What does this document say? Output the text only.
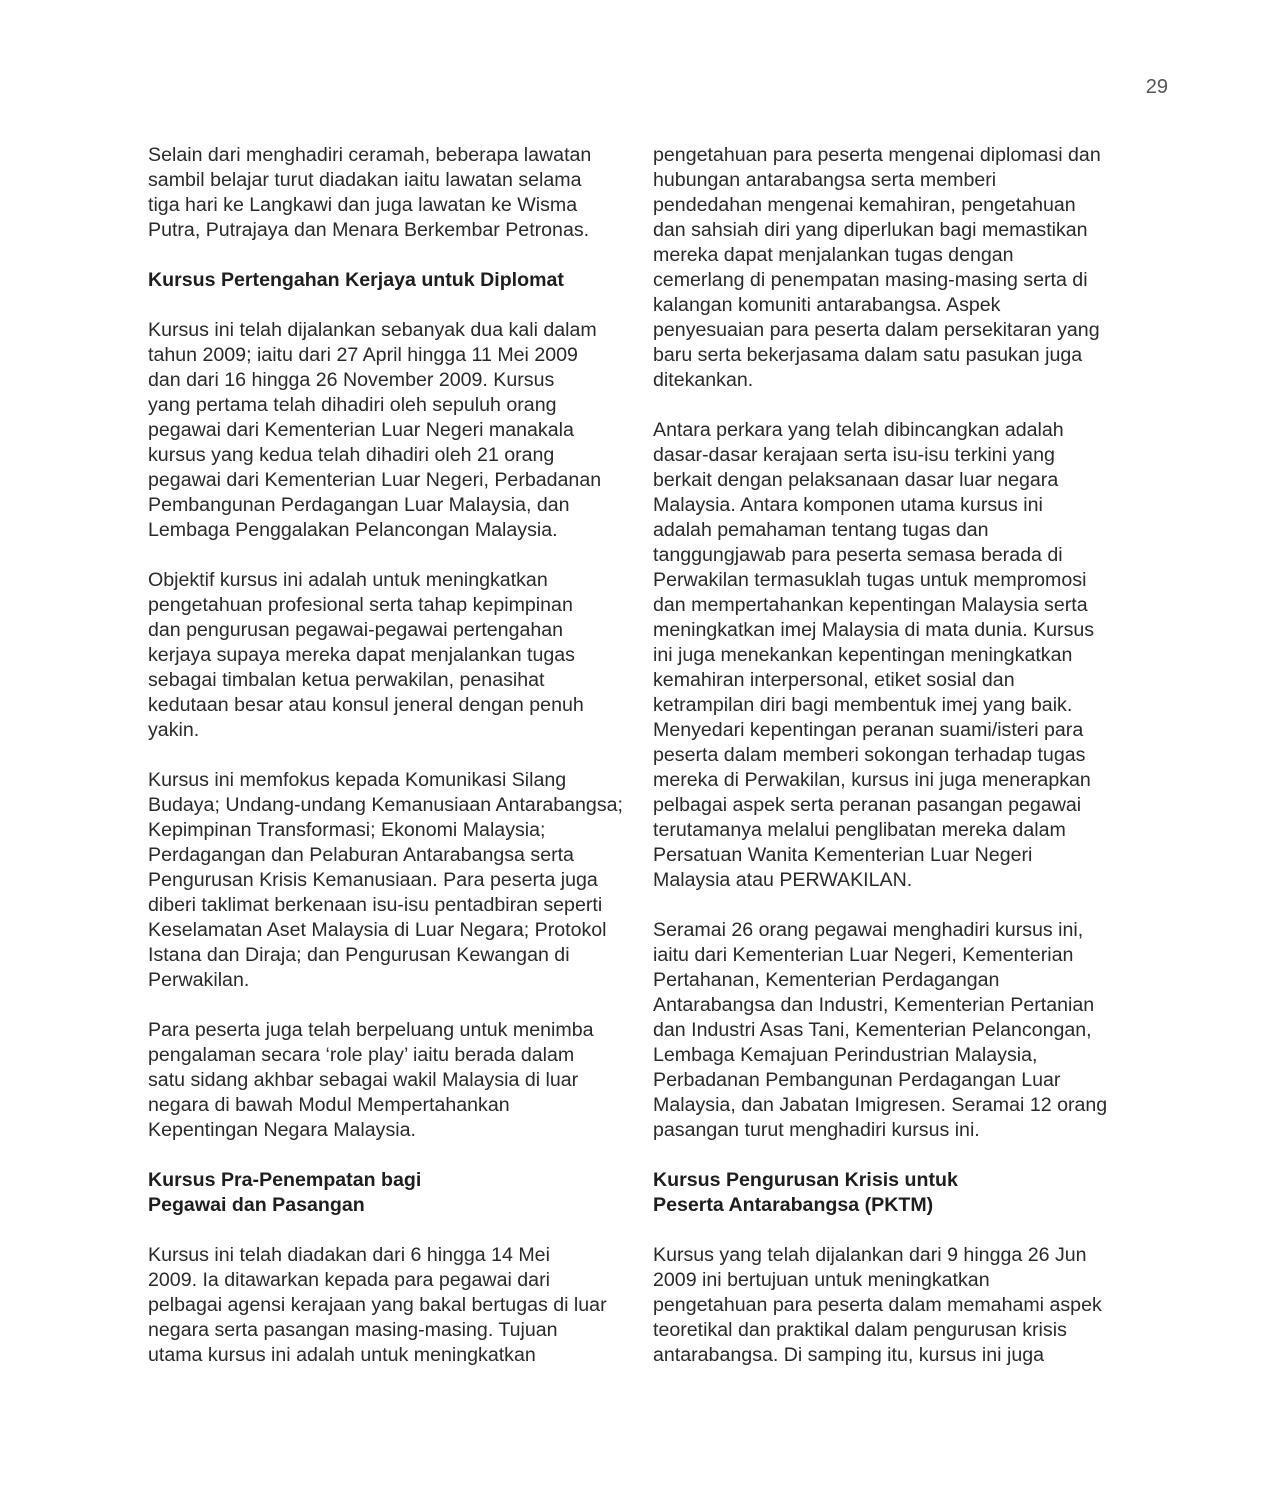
29
Selain dari menghadiri ceramah, beberapa lawatan
sambil belajar turut diadakan iaitu lawatan selama
tiga hari ke Langkawi dan juga lawatan ke Wisma
Putra, Putrajaya dan Menara Berkembar Petronas.
Kursus Pertengahan Kerjaya untuk Diplomat
Kursus ini telah dijalankan sebanyak dua kali dalam
tahun 2009; iaitu dari 27 April hingga 11 Mei 2009
dan dari 16 hingga 26 November 2009. Kursus
yang pertama telah dihadiri oleh sepuluh orang
pegawai dari Kementerian Luar Negeri manakala
kursus yang kedua telah dihadiri oleh 21 orang
pegawai dari Kementerian Luar Negeri, Perbadanan
Pembangunan Perdagangan Luar Malaysia, dan
Lembaga Penggalakan Pelancongan Malaysia.
Objektif kursus ini adalah untuk meningkatkan
pengetahuan profesional serta tahap kepimpinan
dan pengurusan pegawai-pegawai pertengahan
kerjaya supaya mereka dapat menjalankan tugas
sebagai timbalan ketua perwakilan, penasihat
kedutaan besar atau konsul jeneral dengan penuh
yakin.
Kursus ini memfokus kepada Komunikasi Silang
Budaya; Undang-undang Kemanusiaan Antarabangsa;
Kepimpinan Transformasi; Ekonomi Malaysia;
Perdagangan dan Pelaburan Antarabangsa serta
Pengurusan Krisis Kemanusiaan. Para peserta juga
diberi taklimat berkenaan isu-isu pentadbiran seperti
Keselamatan Aset Malaysia di Luar Negara; Protokol
Istana dan Diraja; dan Pengurusan Kewangan di
Perwakilan.
Para peserta juga telah berpeluang untuk menimba
pengalaman secara ‘role play’ iaitu berada dalam
satu sidang akhbar sebagai wakil Malaysia di luar
negara di bawah Modul Mempertahankan
Kepentingan Negara Malaysia.
Kursus Pra-Penempatan bagi
Pegawai dan Pasangan
Kursus ini telah diadakan dari 6 hingga 14 Mei
2009. Ia ditawarkan kepada para pegawai dari
pelbagai agensi kerajaan yang bakal bertugas di luar
negara serta pasangan masing-masing. Tujuan
utama kursus ini adalah untuk meningkatkan
pengetahuan para peserta mengenai diplomasi dan
hubungan antarabangsa serta memberi
pendedahan mengenai kemahiran, pengetahuan
dan sahsiah diri yang diperlukan bagi memastikan
mereka dapat menjalankan tugas dengan
cemerlang di penempatan masing-masing serta di
kalangan komuniti antarabangsa. Aspek
penyesuaian para peserta dalam persekitaran yang
baru serta bekerjasama dalam satu pasukan juga
ditekankan.
Antara perkara yang telah dibincangkan adalah
dasar-dasar kerajaan serta isu-isu terkini yang
berkait dengan pelaksanaan dasar luar negara
Malaysia. Antara komponen utama kursus ini
adalah pemahaman tentang tugas dan
tanggungjawab para peserta semasa berada di
Perwakilan termasuklah tugas untuk mempromosi
dan mempertahankan kepentingan Malaysia serta
meningkatkan imej Malaysia di mata dunia. Kursus
ini juga menekankan kepentingan meningkatkan
kemahiran interpersonal, etiket sosial dan
ketrampilan diri bagi membentuk imej yang baik.
Menyedari kepentingan peranan suami/isteri para
peserta dalam memberi sokongan terhadap tugas
mereka di Perwakilan, kursus ini juga menerapkan
pelbagai aspek serta peranan pasangan pegawai
terutamanya melalui penglibatan mereka dalam
Persatuan Wanita Kementerian Luar Negeri
Malaysia atau PERWAKILAN.
Seramai 26 orang pegawai menghadiri kursus ini,
iaitu dari Kementerian Luar Negeri, Kementerian
Pertahanan, Kementerian Perdagangan
Antarabangsa dan Industri, Kementerian Pertanian
dan Industri Asas Tani, Kementerian Pelancongan,
Lembaga Kemajuan Perindustrian Malaysia,
Perbadanan Pembangunan Perdagangan Luar
Malaysia, dan Jabatan Imigresen. Seramai 12 orang
pasangan turut menghadiri kursus ini.
Kursus Pengurusan Krisis untuk
Peserta Antarabangsa (PKTM)
Kursus yang telah dijalankan dari 9 hingga 26 Jun
2009 ini bertujuan untuk meningkatkan
pengetahuan para peserta dalam memahami aspek
teoretikal dan praktikal dalam pengurusan krisis
antarabangsa. Di samping itu, kursus ini juga
